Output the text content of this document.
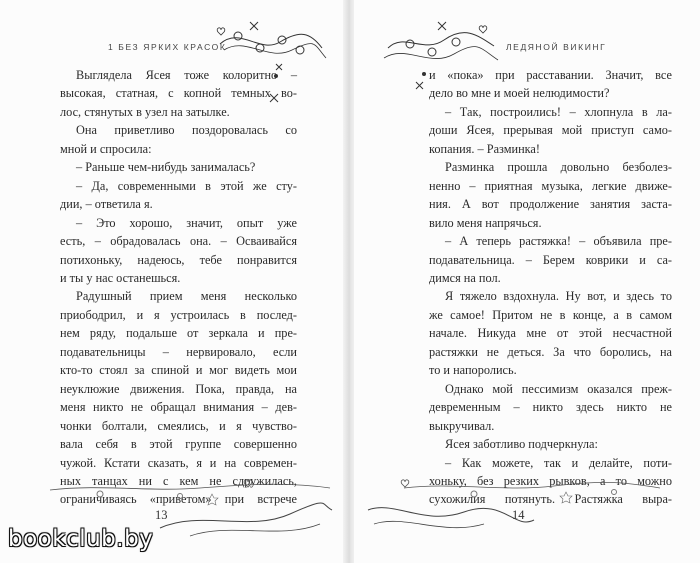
1 БЕЗ ЯРКИХ КРАСОК
Выглядела Ясея тоже колоритно –
высокая, статная, с копной темных во-
лос, стянутых в узел на затылке.
Она приветливо поздоровалась со
мной и спросила:
– Раньше чем-нибудь занималась?
– Да, современными в этой же сту-
дии, – ответила я.
– Это хорошо, значит, опыт уже
есть, – обрадовалась она. – Осваивайся
потихоньку, надеюсь, тебе понравится
и ты у нас останешься.
Радушный прием меня несколько
приободрил, и я устроилась в послед-
нем ряду, подальше от зеркала и пре-
подавательницы – нервировало, если
кто-то стоял за спиной и мог видеть мои
неуклюжие движения. Пока, правда, на
меня никто не обращал внимания – дев-
чонки болтали, смеялись, и я чувство-
вала себя в этой группе совершенно
чужой. Кстати сказать, я и на современ-
ных танцах ни с кем не сдружилась,
ограничиваясь «приветом» при встрече
13
ЛЕДЯНОЙ ВИКИНГ
и «пока» при расставании. Значит, все
дело во мне и моей нелюдимости?
– Так, построились! – хлопнула в ла-
доши Ясея, прерывая мой приступ само-
копания. – Разминка!
Разминка прошла довольно безболез-
ненно – приятная музыка, легкие движе-
ния. А вот продолжение занятия заста-
вило меня напрячься.
– А теперь растяжка! – объявила пре-
подавательница. – Берем коврики и са-
димся на пол.
Я тяжело вздохнула. Ну вот, и здесь то
же самое! Притом не в конце, а в самом
начале. Никуда мне от этой несчастной
растяжки не деться. За что боролись, на
то и напоролись.
Однако мой пессимизм оказался преж-
девременным – никто здесь никто не
выкручивал.
Ясея заботливо подчеркнула:
– Как можете, так и делайте, поти-
хоньку, без резких рывков, а то можно
сухожилия потянуть. Растяжка выра-
14
bookclub.by
